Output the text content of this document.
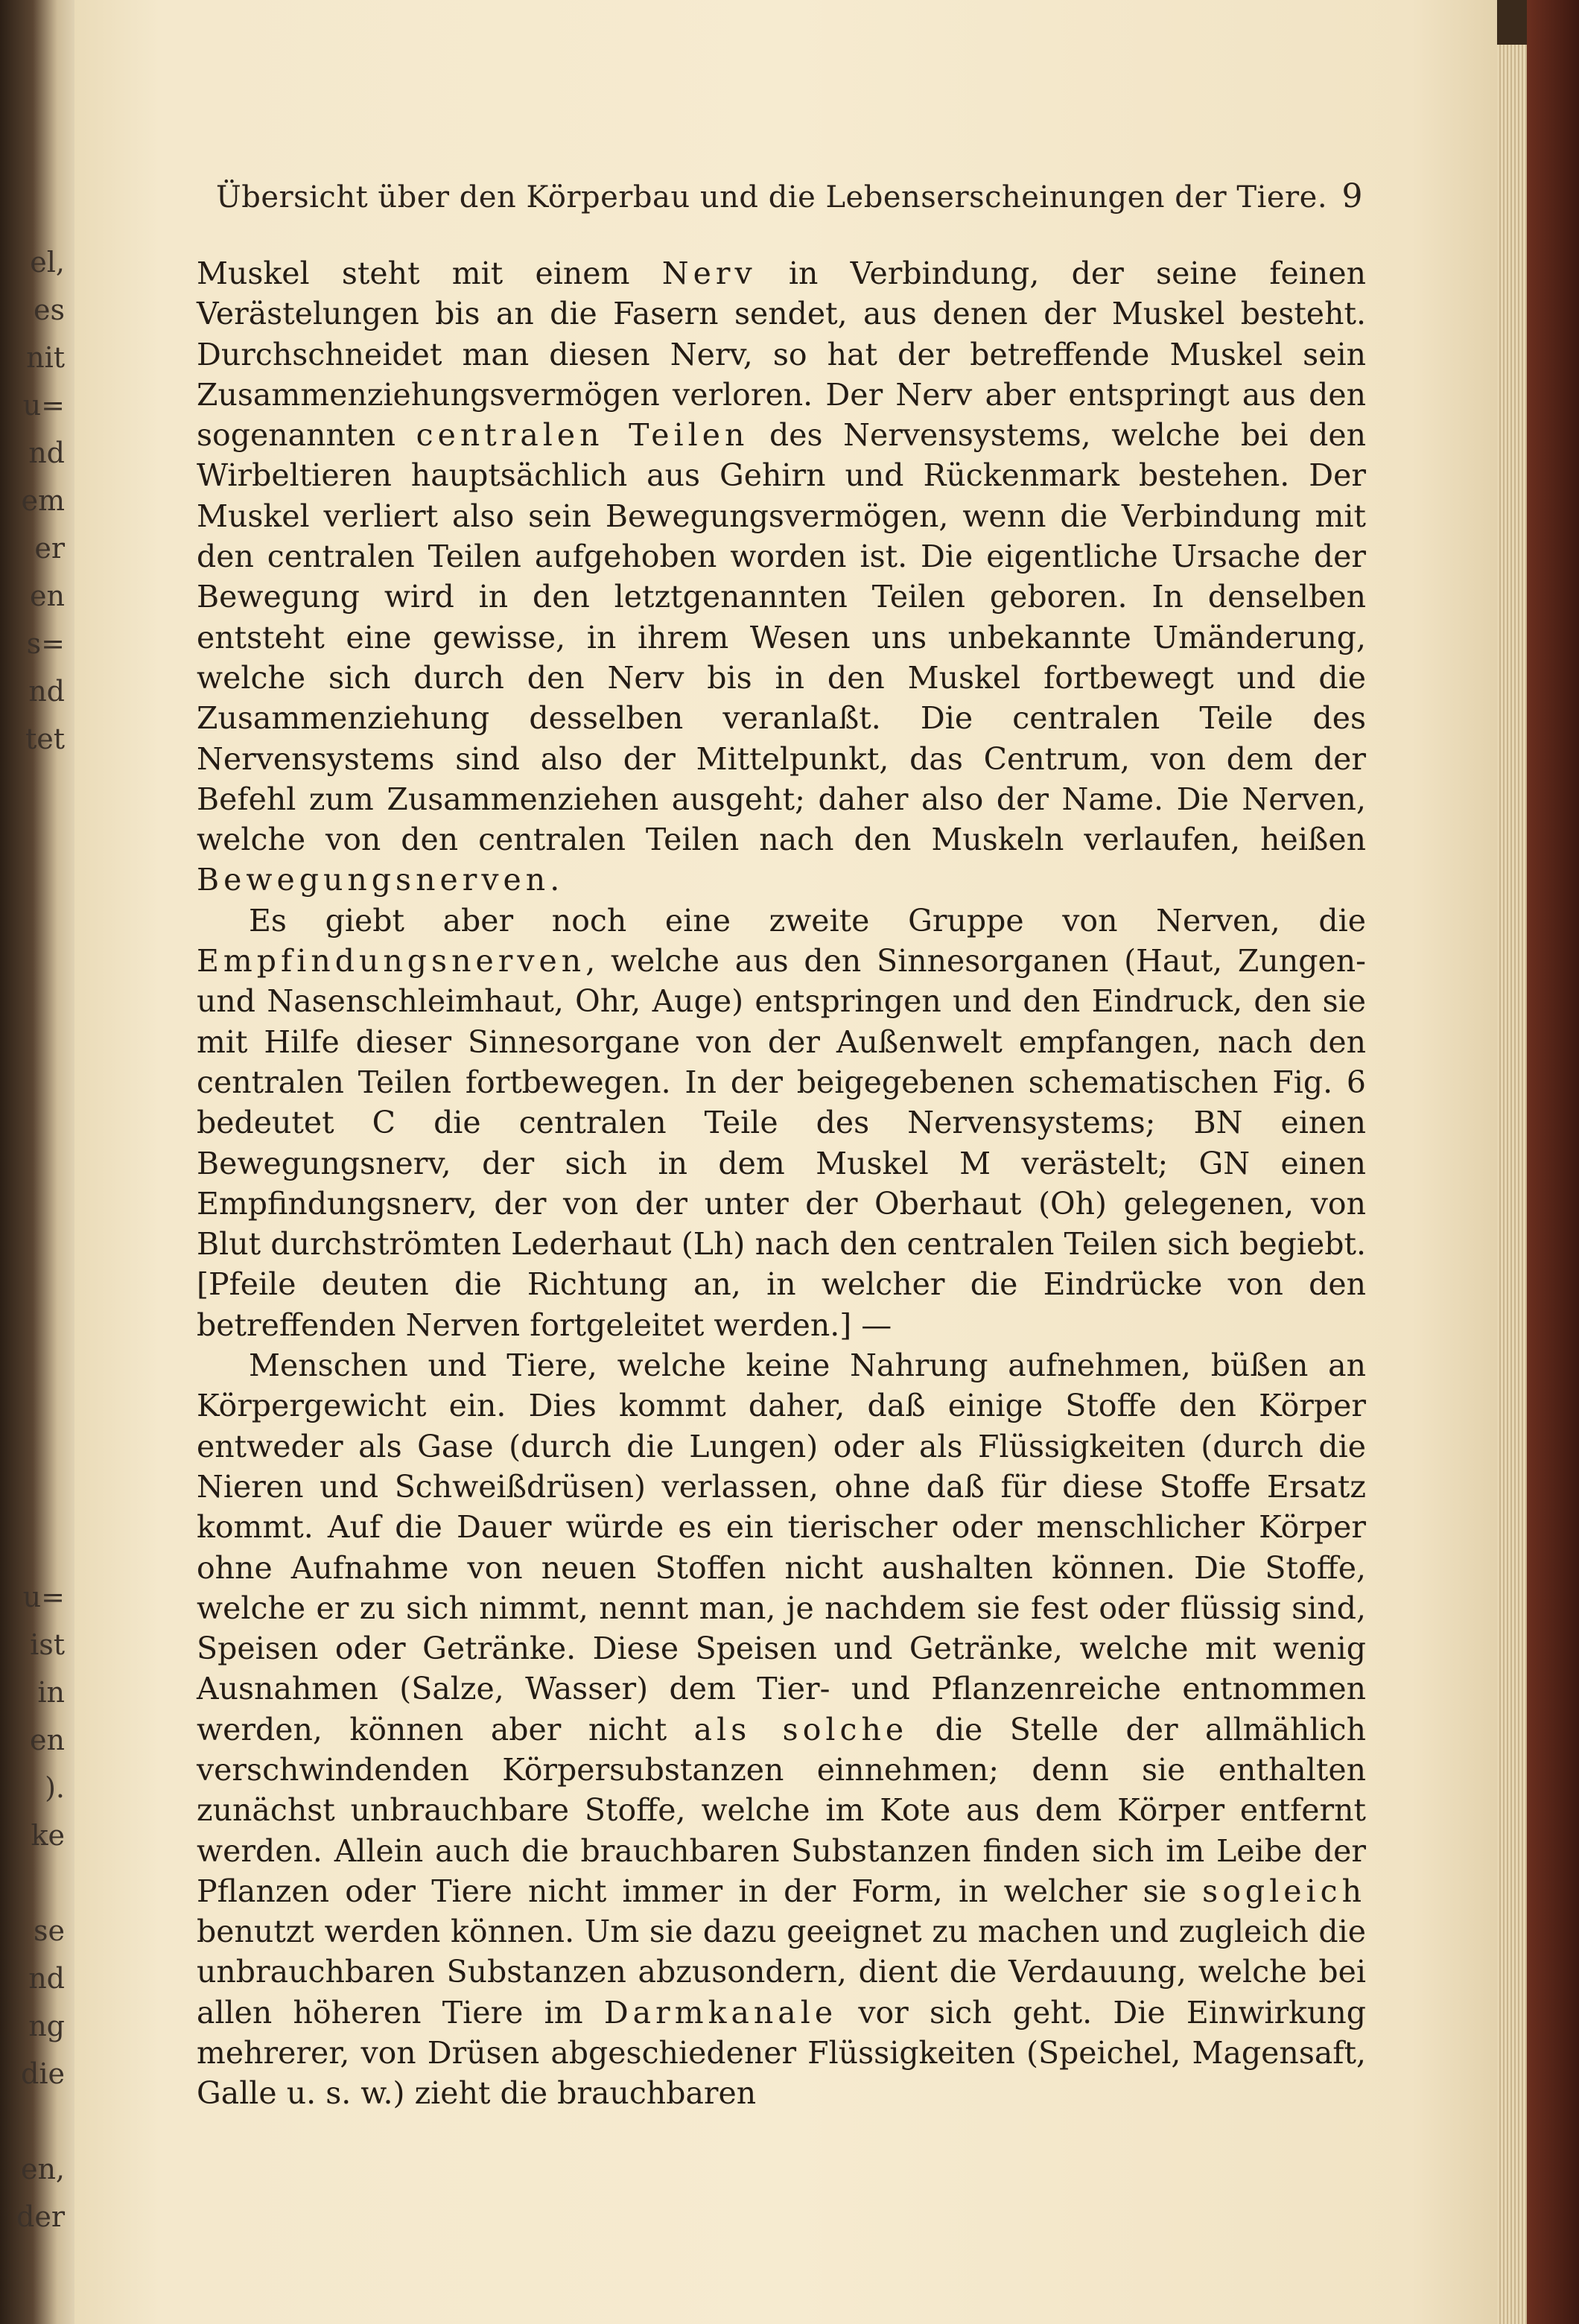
el,
es
nit
u=
nd
em
er
en
s=
nd
tet

u=
ist
in
en
).
ke

se
nd
ng
die

en,
der
Übersicht über den Körperbau und die Lebenserscheinungen der Tiere. 9

Muskel steht mit einem Nerv in Verbindung, der seine feinen Verästelungen bis an die Fasern sendet, aus denen der Muskel besteht. Durchschneidet man diesen Nerv, so hat der betreffende Muskel sein Zusammenziehungsvermögen verloren. Der Nerv aber entspringt aus den sogenannten centralen Teilen des Nervensystems, welche bei den Wirbeltieren hauptsächlich aus Gehirn und Rückenmark bestehen. Der Muskel verliert also sein Bewegungsvermögen, wenn die Verbindung mit den centralen Teilen aufgehoben worden ist. Die eigentliche Ursache der Bewegung wird in den letztgenannten Teilen geboren. In denselben entsteht eine gewisse, in ihrem Wesen uns unbekannte Umänderung, welche sich durch den Nerv bis in den Muskel fortbewegt und die Zusammenziehung desselben veranlaßt. Die centralen Teile des Nervensystems sind also der Mittelpunkt, das Centrum, von dem der Befehl zum Zusammenziehen ausgeht; daher also der Name. Die Nerven, welche von den centralen Teilen nach den Muskeln verlaufen, heißen Bewegungsnerven.

Es giebt aber noch eine zweite Gruppe von Nerven, die Empfindungsnerven, welche aus den Sinnesorganen (Haut, Zungen- und Nasenschleimhaut, Ohr, Auge) entspringen und den Eindruck, den sie mit Hilfe dieser Sinnesorgane von der Außenwelt empfangen, nach den centralen Teilen fortbewegen. In der beigegebenen schematischen Fig. 6 bedeutet C die centralen Teile des Nervensystems; BN einen Bewegungsnerv, der sich in dem Muskel M verästelt; GN einen Empfindungsnerv, der von der unter der Oberhaut (Oh) gelegenen, von Blut durchströmten Lederhaut (Lh) nach den centralen Teilen sich begiebt. [Pfeile deuten die Richtung an, in welcher die Eindrücke von den betreffenden Nerven fortgeleitet werden.] —

Menschen und Tiere, welche keine Nahrung aufnehmen, büßen an Körpergewicht ein. Dies kommt daher, daß einige Stoffe den Körper entweder als Gase (durch die Lungen) oder als Flüssigkeiten (durch die Nieren und Schweißdrüsen) verlassen, ohne daß für diese Stoffe Ersatz kommt. Auf die Dauer würde es ein tierischer oder menschlicher Körper ohne Aufnahme von neuen Stoffen nicht aushalten können. Die Stoffe, welche er zu sich nimmt, nennt man, je nachdem sie fest oder flüssig sind, Speisen oder Getränke. Diese Speisen und Getränke, welche mit wenig Ausnahmen (Salze, Wasser) dem Tier- und Pflanzenreiche entnommen werden, können aber nicht als solche die Stelle der allmählich verschwindenden Körpersubstanzen einnehmen; denn sie enthalten zunächst unbrauchbare Stoffe, welche im Kote aus dem Körper entfernt werden. Allein auch die brauchbaren Substanzen finden sich im Leibe der Pflanzen oder Tiere nicht immer in der Form, in welcher sie sogleich benutzt werden können. Um sie dazu geeignet zu machen und zugleich die unbrauchbaren Substanzen abzusondern, dient die Verdauung, welche bei allen höheren Tiere im Darmkanale vor sich geht. Die Einwirkung mehrerer, von Drüsen abgeschiedener Flüssigkeiten (Speichel, Magensaft, Galle u. s. w.) zieht die brauchbaren
